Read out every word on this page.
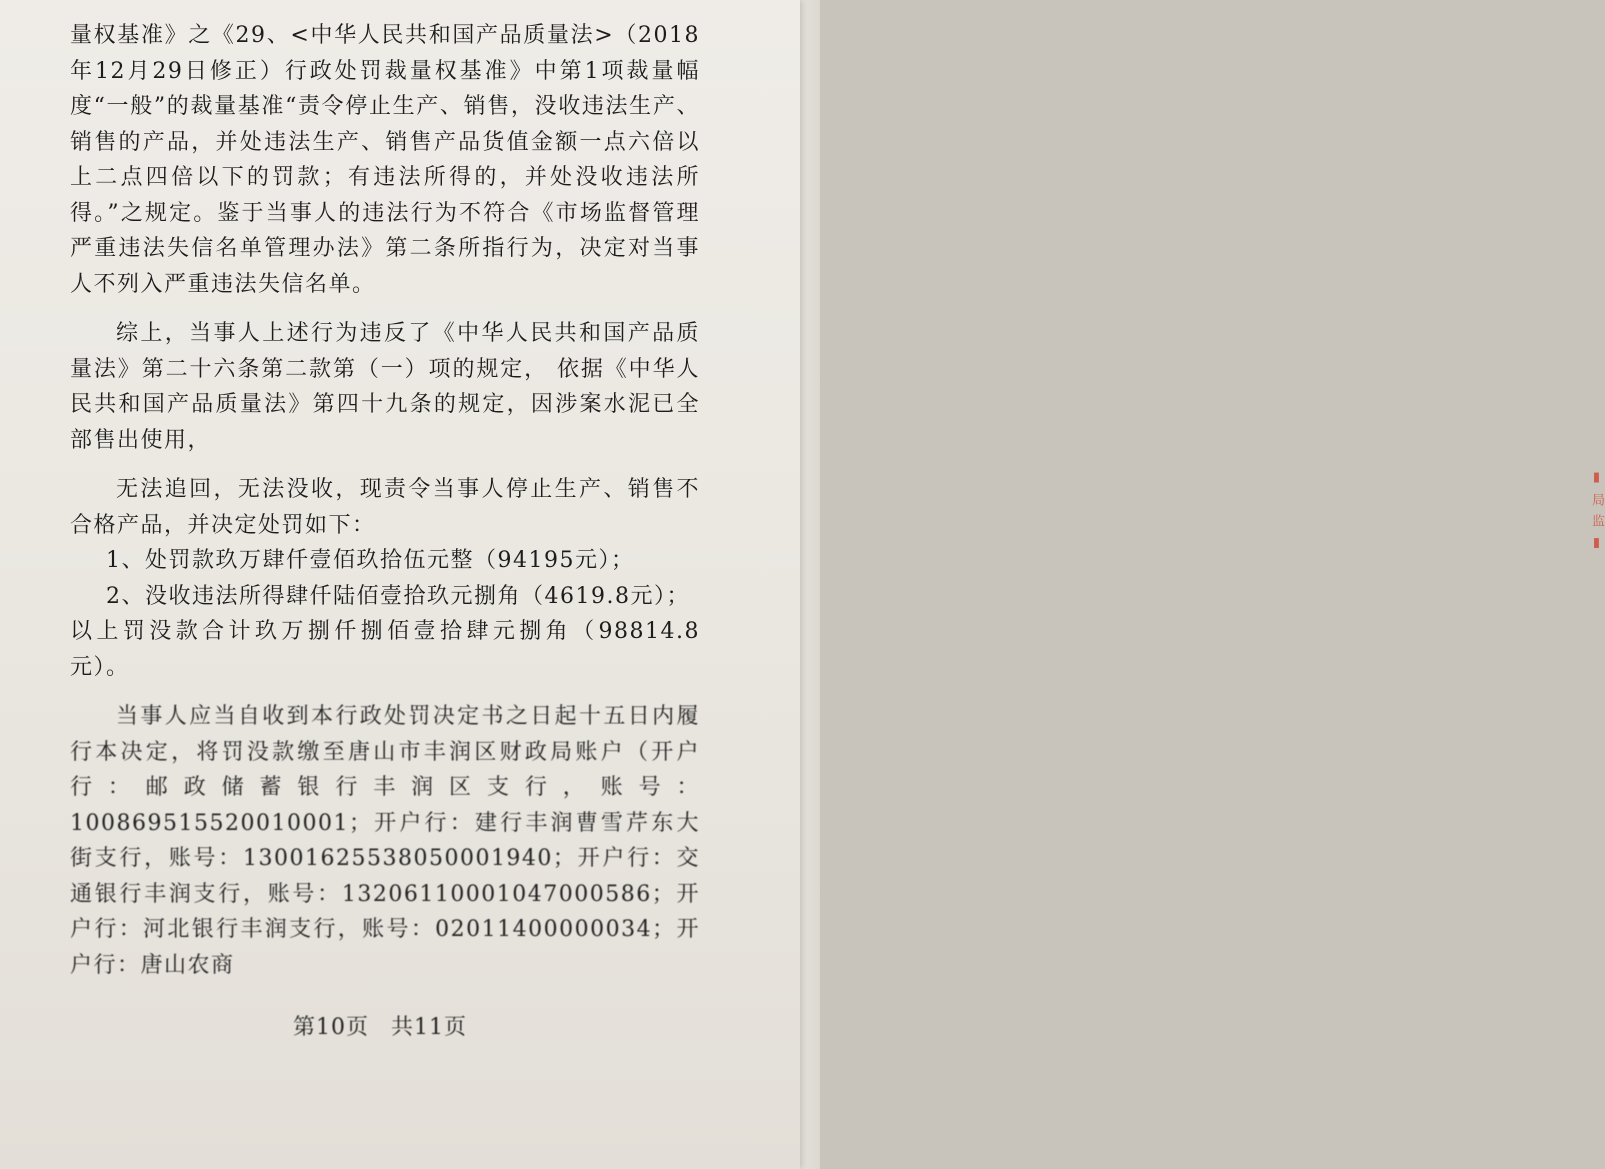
▮ 局 监 ▮

量权基准》之《29、<中华人民共和国产品质量法>（2018 年12月29日修正）行政处罚裁量权基准》中第1项裁量幅度“一般”的裁量基准“责令停止生产、销售，没收违法生产、销售的产品，并处违法生产、销售产品货值金额一点六倍以上二点四倍以下的罚款；有违法所得的，并处没收违法所得。”之规定。鉴于当事人的违法行为不符合《市场监督管理严重违法失信名单管理办法》第二条所指行为，决定对当事人不列入严重违法失信名单。

综上，当事人上述行为违反了《中华人民共和国产品质量法》第二十六条第二款第（一）项的规定， 依据《中华人民共和国产品质量法》第四十九条的规定，因涉案水泥已全部售出使用，

无法追回，无法没收，现责令当事人停止生产、销售不合格产品，并决定处罚如下：

1、处罚款玖万肆仟壹佰玖拾伍元整（94195元）；

2、没收违法所得肆仟陆佰壹拾玖元捌角（4619.8元）；

以上罚没款合计玖万捌仟捌佰壹拾肆元捌角（98814.8元）。

当事人应当自收到本行政处罚决定书之日起十五日内履行本决定，将罚没款缴至唐山市丰润区财政局账户（开户行：邮政储蓄银行丰润区支行，账号：100869515520010001；开户行：建行丰润曹雪芹东大街支行，账号：13001625538050001940；开户行：交通银行丰润支行，账号：13206110001047000586；开户行：河北银行丰润支行，账号：02011400000034；开户行：唐山农商

第10页 共11页
